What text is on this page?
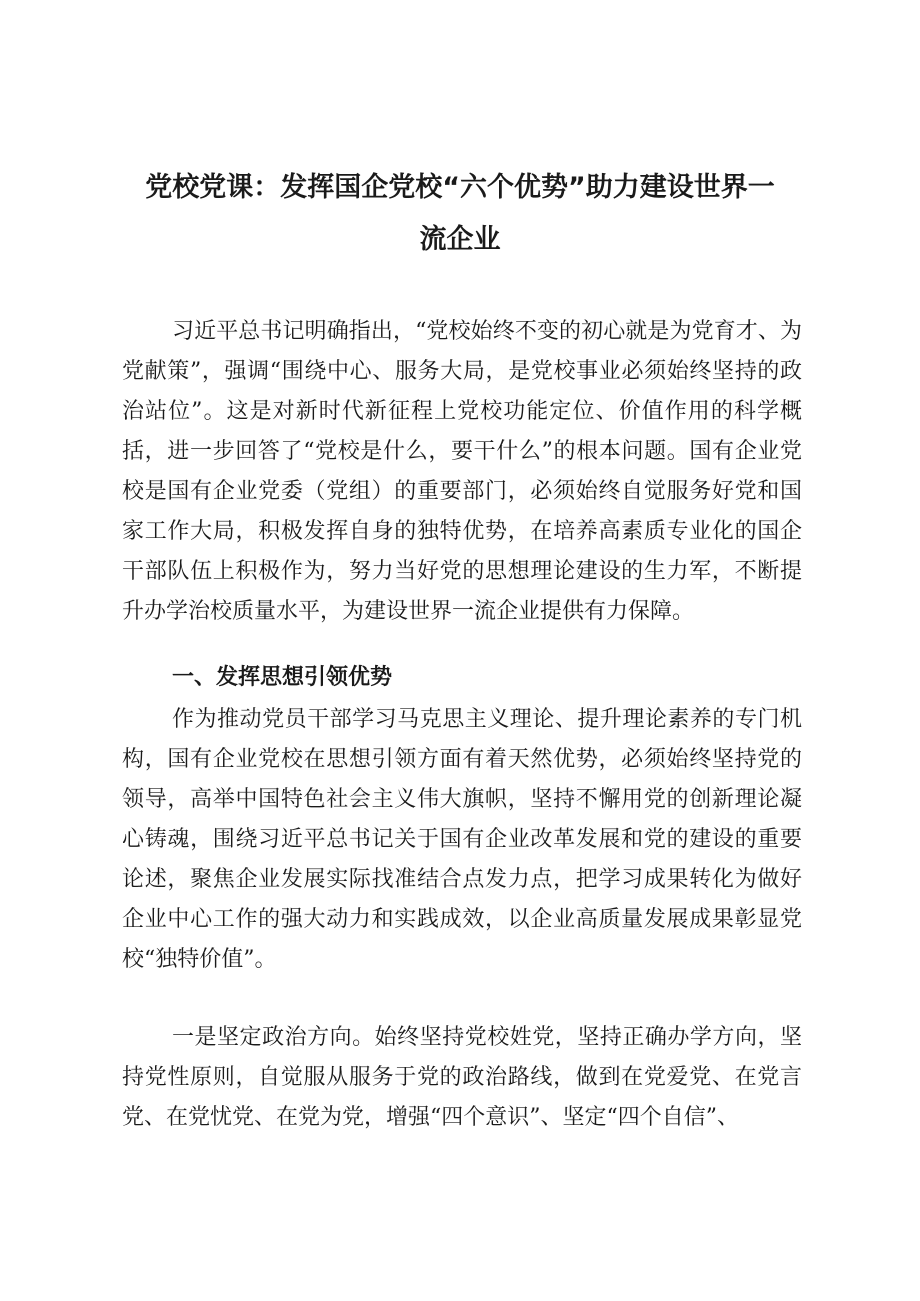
党校党课：发挥国企党校“六个优势”助力建设世界一
流企业
习近平总书记明确指出，“党校始终不变的初心就是为党育才、为党献策”，强调“围绕中心、服务大局，是党校事业必须始终坚持的政治站位”。这是对新时代新征程上党校功能定位、价值作用的科学概括，进一步回答了“党校是什么，要干什么”的根本问题。国有企业党校是国有企业党委（党组）的重要部门，必须始终自觉服务好党和国家工作大局，积极发挥自身的独特优势，在培养高素质专业化的国企干部队伍上积极作为，努力当好党的思想理论建设的生力军，不断提升办学治校质量水平，为建设世界一流企业提供有力保障。
一、发挥思想引领优势
作为推动党员干部学习马克思主义理论、提升理论素养的专门机构，国有企业党校在思想引领方面有着天然优势，必须始终坚持党的领导，高举中国特色社会主义伟大旗帜，坚持不懈用党的创新理论凝心铸魂，围绕习近平总书记关于国有企业改革发展和党的建设的重要论述，聚焦企业发展实际找准结合点发力点，把学习成果转化为做好企业中心工作的强大动力和实践成效，以企业高质量发展成果彰显党校“独特价值”。
一是坚定政治方向。始终坚持党校姓党，坚持正确办学方向，坚持党性原则，自觉服从服务于党的政治路线，做到在党爱党、在党言党、在党忧党、在党为党，增强“四个意识”、坚定“四个自信”、
